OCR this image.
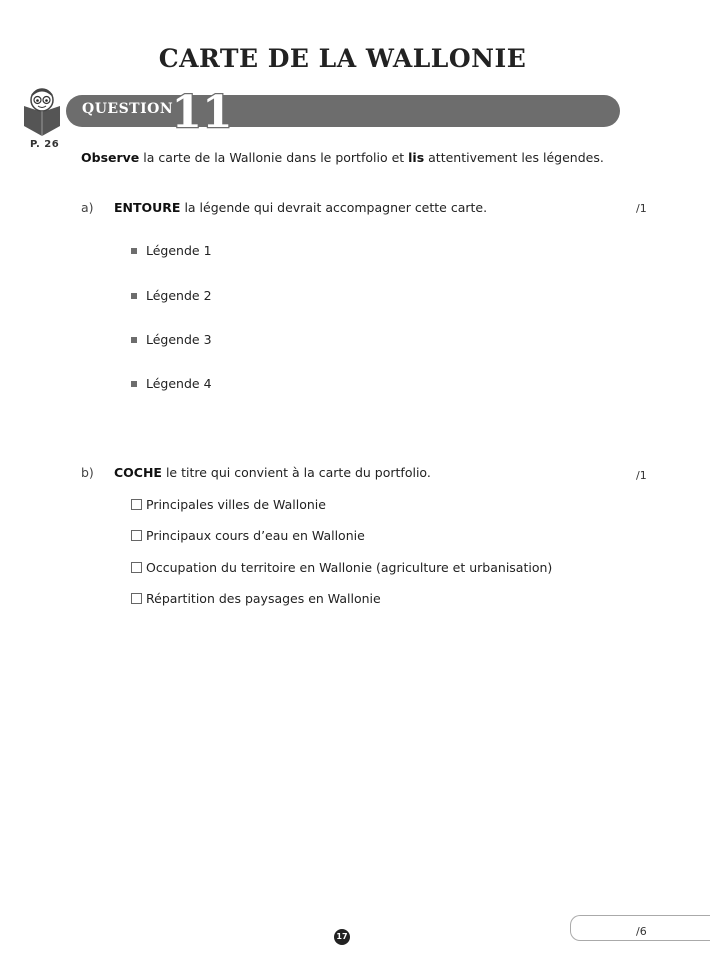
CARTE DE LA WALLONIE
P. 26
QUESTION
11
Observe la carte de la Wallonie dans le portfolio et lis attentivement les légendes.
a) ENTOURE la légende qui devrait accompagner cette carte.	/1
Légende 1
Légende 2
Légende 3
Légende 4
b) COCHE le titre qui convient à la carte du portfolio.	/1
Principales villes de Wallonie
Principaux cours d’eau en Wallonie
Occupation du territoire en Wallonie (agriculture et urbanisation)
Répartition des paysages en Wallonie
17	/6
